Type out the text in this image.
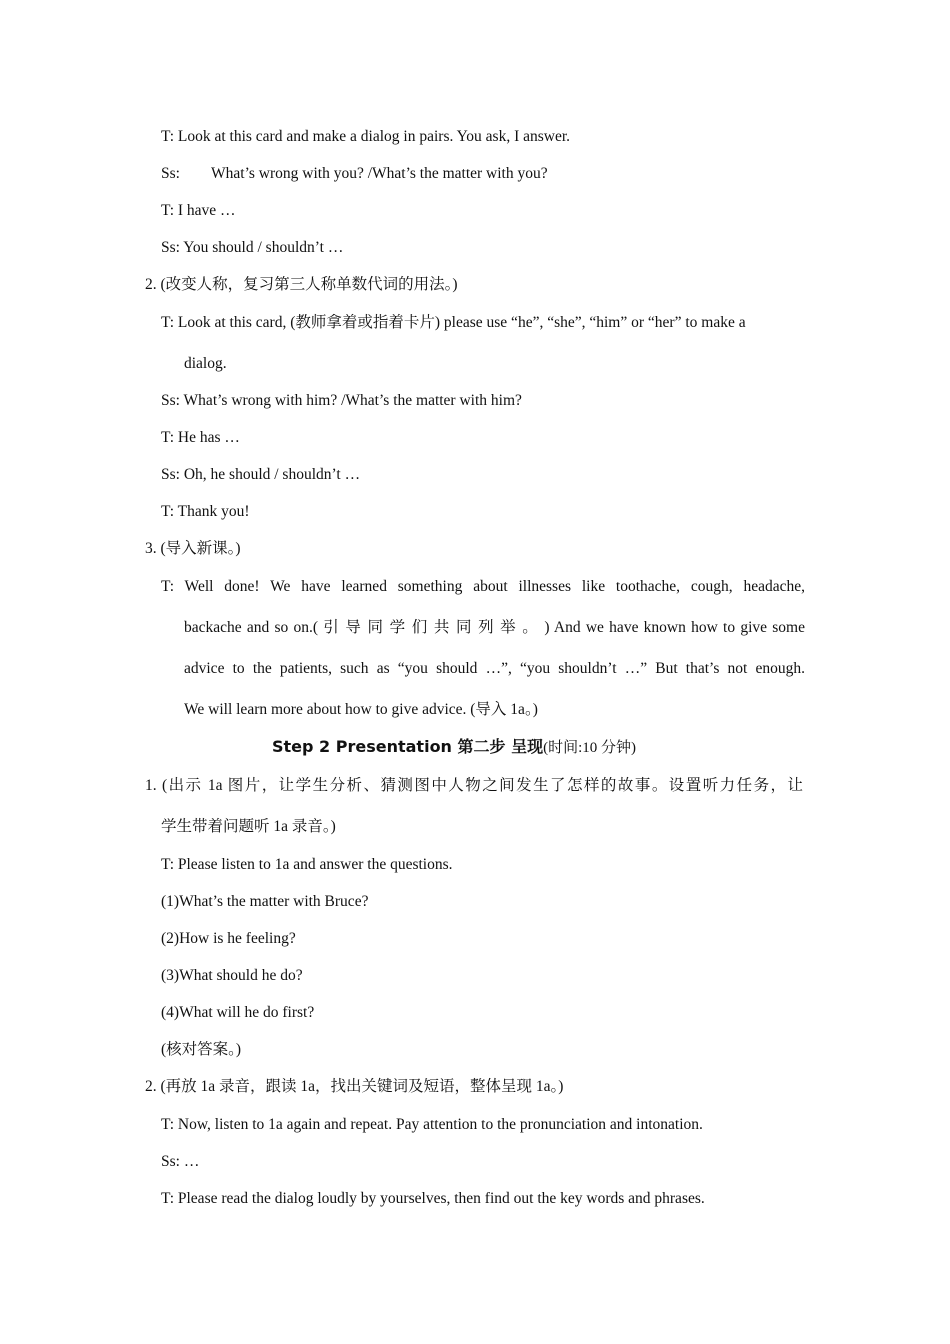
T: Look at this card and make a dialog in pairs. You ask, I answer.
Ss: What’s wrong with you? /What’s the matter with you?
T: I have …
Ss: You should / shouldn’t …
2. (改变人称，复习第三人称单数代词的用法。)
T: Look at this card, (教师拿着或指着卡片) please use “he”, “she”, “him” or “her” to make a
dialog.
Ss: What’s wrong with him? /What’s the matter with him?
T: He has …
Ss: Oh, he should / shouldn’t …
T: Thank you!
3. (导入新课。)
T: Well done! We have learned something about illnesses like toothache, cough, headache,
backache and so on.( 引 导 同 学 们 共 同 列 举 。 ) And we have known how to give some
advice to the patients, such as “you should …”, “you shouldn’t …” But that’s not enough.
We will learn more about how to give advice. (导入 1a。)
Step 2 Presentation 第二步 呈现(时间:10 分钟)
1. (出示 1a 图片，让学生分析、猜测图中人物之间发生了怎样的故事。设置听力任务，让
学生带着问题听 1a 录音。)
T: Please listen to 1a and answer the questions.
(1)What’s the matter with Bruce?
(2)How is he feeling?
(3)What should he do?
(4)What will he do first?
(核对答案。)
2. (再放 1a 录音，跟读 1a，找出关键词及短语，整体呈现 1a。)
T: Now, listen to 1a again and repeat. Pay attention to the pronunciation and intonation.
Ss: …
T: Please read the dialog loudly by yourselves, then find out the key words and phrases.
